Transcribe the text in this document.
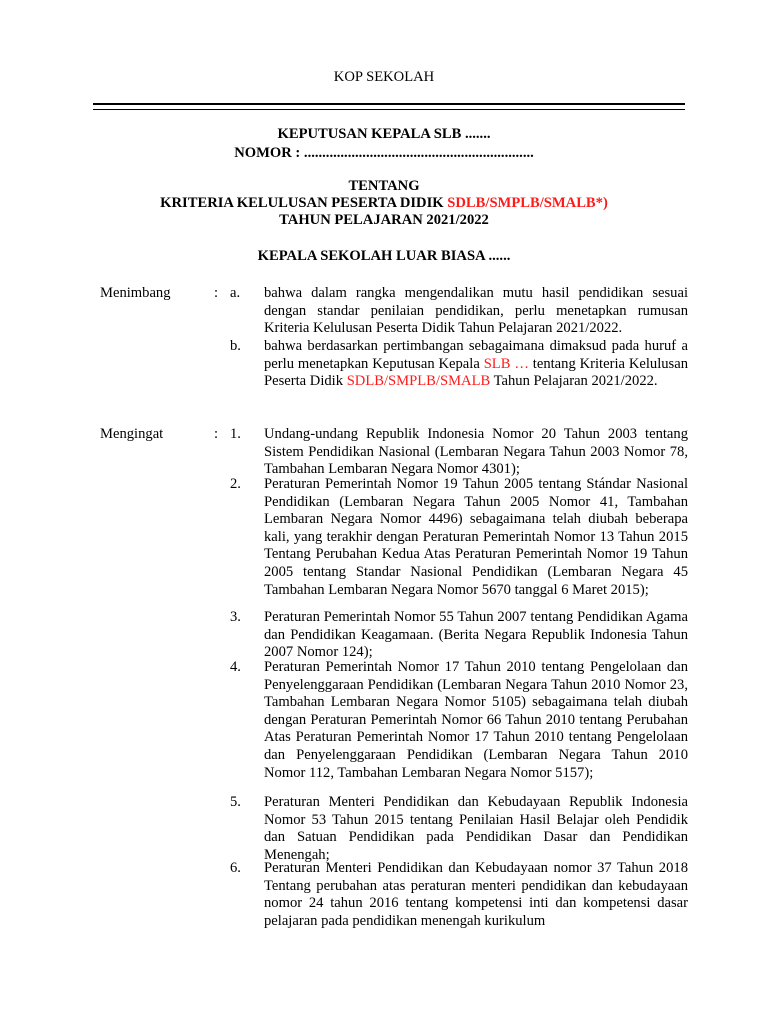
KOP SEKOLAH
KEPUTUSAN KEPALA SLB .......
NOMOR : ...............................................................
TENTANG
KRITERIA KELULUSAN PESERTA DIDIK SDLB/SMPLB/SMALB*)
TAHUN PELAJARAN 2021/2022
KEPALA SEKOLAH LUAR BIASA ......
Menimbang	: a. bahwa dalam rangka mengendalikan mutu hasil pendidikan sesuai dengan standar penilaian pendidikan, perlu menetapkan rumusan Kriteria Kelulusan Peserta Didik Tahun Pelajaran 2021/2022.

b. bahwa berdasarkan pertimbangan sebagaimana dimaksud pada huruf a perlu menetapkan Keputusan Kepala SLB … tentang Kriteria Kelulusan Peserta Didik SDLB/SMPLB/SMALB Tahun Pelajaran 2021/2022.

Mengingat	: 1. Undang-undang Republik Indonesia Nomor 20 Tahun 2003 tentang Sistem Pendidikan Nasional (Lembaran Negara Tahun 2003 Nomor 78, Tambahan Lembaran Negara Nomor 4301);

2. Peraturan Pemerintah Nomor 19 Tahun 2005 tentang Stándar Nasional Pendidikan (Lembaran Negara Tahun 2005 Nomor 41, Tambahan Lembaran Negara Nomor 4496) sebagaimana telah diubah beberapa kali, yang terakhir dengan Peraturan Pemerintah Nomor 13 Tahun 2015 Tentang Perubahan Kedua Atas Peraturan Pemerintah Nomor 19 Tahun 2005 tentang Standar Nasional Pendidikan (Lembaran Negara 45 Tambahan Lembaran Negara Nomor 5670 tanggal 6 Maret 2015);

3. Peraturan Pemerintah Nomor 55 Tahun 2007 tentang Pendidikan Agama dan Pendidikan Keagamaan. (Berita Negara Republik Indonesia Tahun 2007 Nomor 124);

4. Peraturan Pemerintah Nomor 17 Tahun 2010 tentang Pengelolaan dan Penyelenggaraan Pendidikan (Lembaran Negara Tahun 2010 Nomor 23, Tambahan Lembaran Negara Nomor 5105) sebagaimana telah diubah dengan Peraturan Pemerintah Nomor 66 Tahun 2010 tentang Perubahan Atas Peraturan Pemerintah Nomor 17 Tahun 2010 tentang Pengelolaan dan Penyelenggaraan Pendidikan (Lembaran Negara Tahun 2010 Nomor 112, Tambahan Lembaran Negara Nomor 5157);

5. Peraturan Menteri Pendidikan dan Kebudayaan Republik Indonesia Nomor 53 Tahun 2015 tentang Penilaian Hasil Belajar oleh Pendidik dan Satuan Pendidikan pada Pendidikan Dasar dan Pendidikan Menengah;

6. Peraturan Menteri Pendidikan dan Kebudayaan nomor 37 Tahun 2018 Tentang perubahan atas peraturan menteri pendidikan dan kebudayaan nomor 24 tahun 2016 tentang kompetensi inti dan kompetensi dasar pelajaran pada pendidikan menengah kurikulum
